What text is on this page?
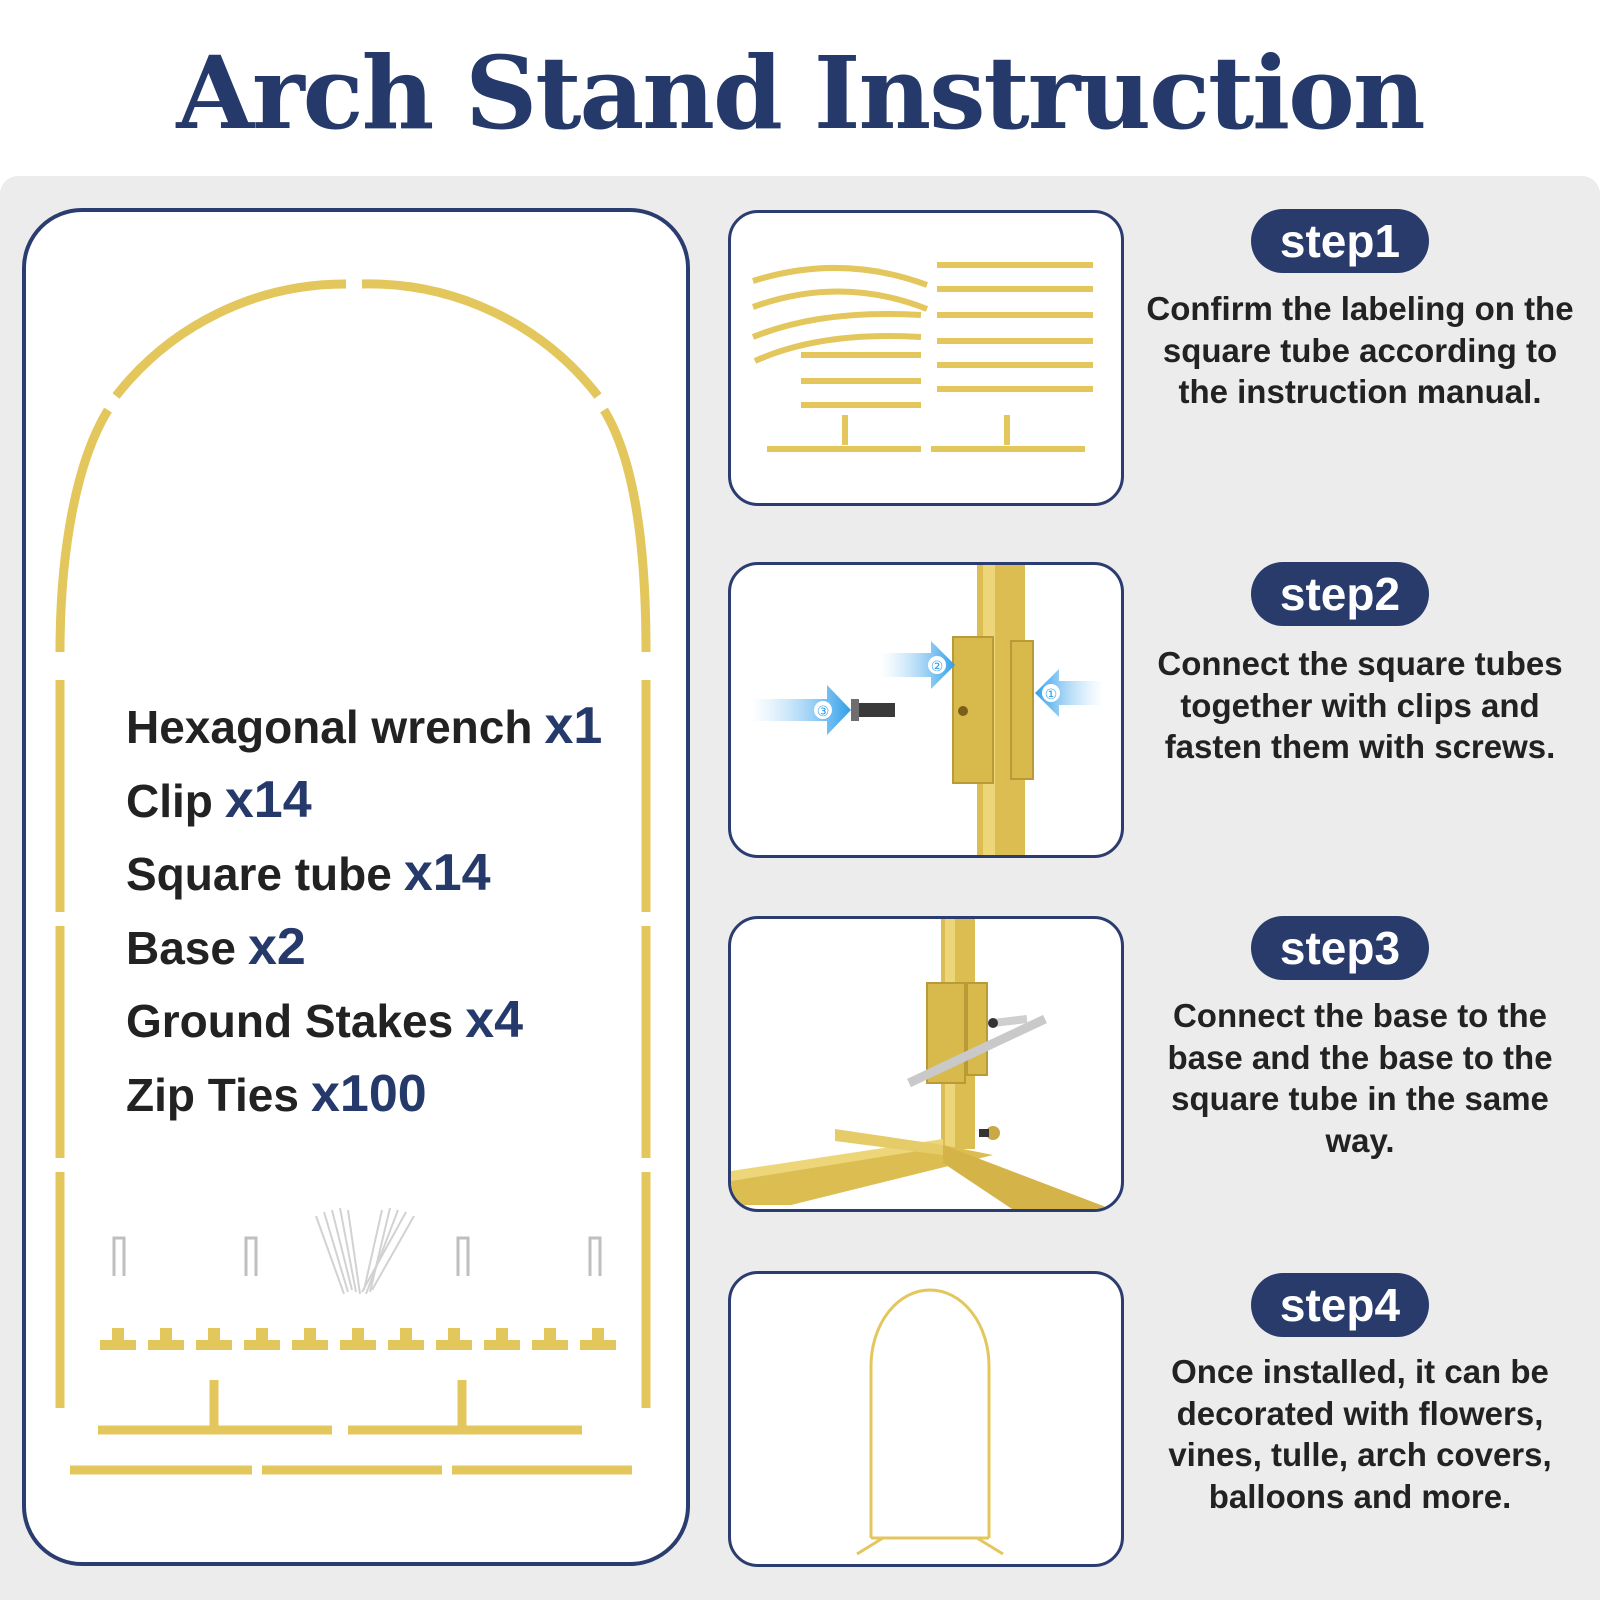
Arch Stand Instruction
Hexagonal wrench x1
Clip x14
Square tube x14
Base x2
Ground Stakes x4
Zip Ties x100
step1
Confirm the labeling on the square tube according to the instruction manual.
③
②
①
step2
Connect the square tubes together with clips and fasten them with screws.
step3
Connect the base to the base and the base to the square tube in the same way.
step4
Once installed, it can be decorated with flowers, vines, tulle, arch covers, balloons and more.
